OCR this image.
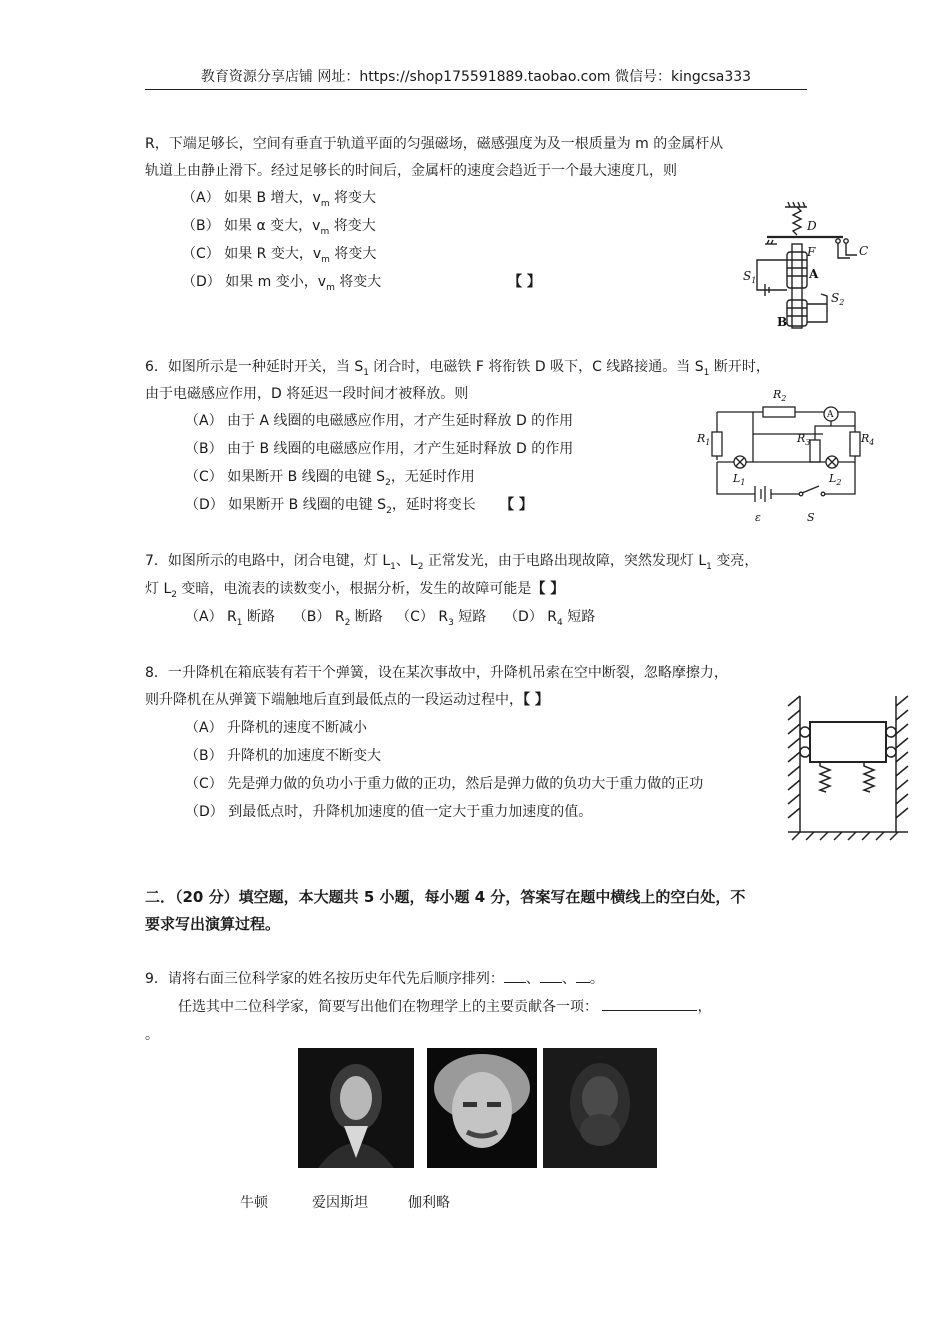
教育资源分享店铺 网址：https://shop175591889.taobao.com 微信号：kingcsa333
R，下端足够长，空间有垂直于轨道平面的匀强磁场，磁感强度为及一根质量为 m 的金属杆从
轨道上由静止滑下。经过足够长的时间后，金属杆的速度会趋近于一个最大速度几，则
（A） 如果 B 增大，$v_m$ 将变大
（B） 如果 α 变大，$v_m$ 将变大
（C） 如果 R 变大，$v_m$ 将变大
（D） 如果 m 变小，$v_m$ 将变大	【 】
D
F	C
A
B
$S_1$
$S_2$
6．如图所示是一种延时开关，当 $S_1$ 闭合时，电磁铁 F 将衔铁 D 吸下，C 线路接通。当 $S_1$ 断开时，
由于电磁感应作用，D 将延迟一段时间才被释放。则
（A） 由于 A 线圈的电磁感应作用，才产生延时释放 D 的作用
（B） 由于 B 线圈的电磁感应作用，才产生延时释放 D 的作用
（C） 如果断开 B 线圈的电键 $S_2$，无延时作用
（D） 如果断开 B 线圈的电键 $S_2$，延时将变长 【 】
$R_2$
A
$R_1$	$R_3$	$R_4$
$L_1$	$L_2$
ε	S
7．如图所示的电路中，闭合电键，灯 $L_1$、$L_2$ 正常发光，由于电路出现故障，突然发现灯 $L_1$ 变亮，
灯 $L_2$ 变暗，电流表的读数变小，根据分析，发生的故障可能是【 】
（A） $R_1$ 断路 （B） $R_2$ 断路 （C） $R_3$ 短路 （D） $R_4$ 短路
8．一升降机在箱底装有若干个弹簧，设在某次事故中，升降机吊索在空中断裂，忽略摩擦力，
则升降机在从弹簧下端触地后直到最低点的一段运动过程中，【 】
（A） 升降机的速度不断减小
（B） 升降机的加速度不断变大
（C） 先是弹力做的负功小于重力做的正功，然后是弹力做的负功大于重力做的正功
（D） 到最低点时，升降机加速度的值一定大于重力加速度的值。
二．（20 分）填空题，本大题共 5 小题，每小题 4 分，答案写在题中横线上的空白处，不
要求写出演算过程。
9．请将右面三位科学家的姓名按历史年代先后顺序排列： 、 、 。
任选其中二位科学家，简要写出他们在物理学上的主要贡献各一项：	，
。
牛顿	爱因斯坦	伽利略
